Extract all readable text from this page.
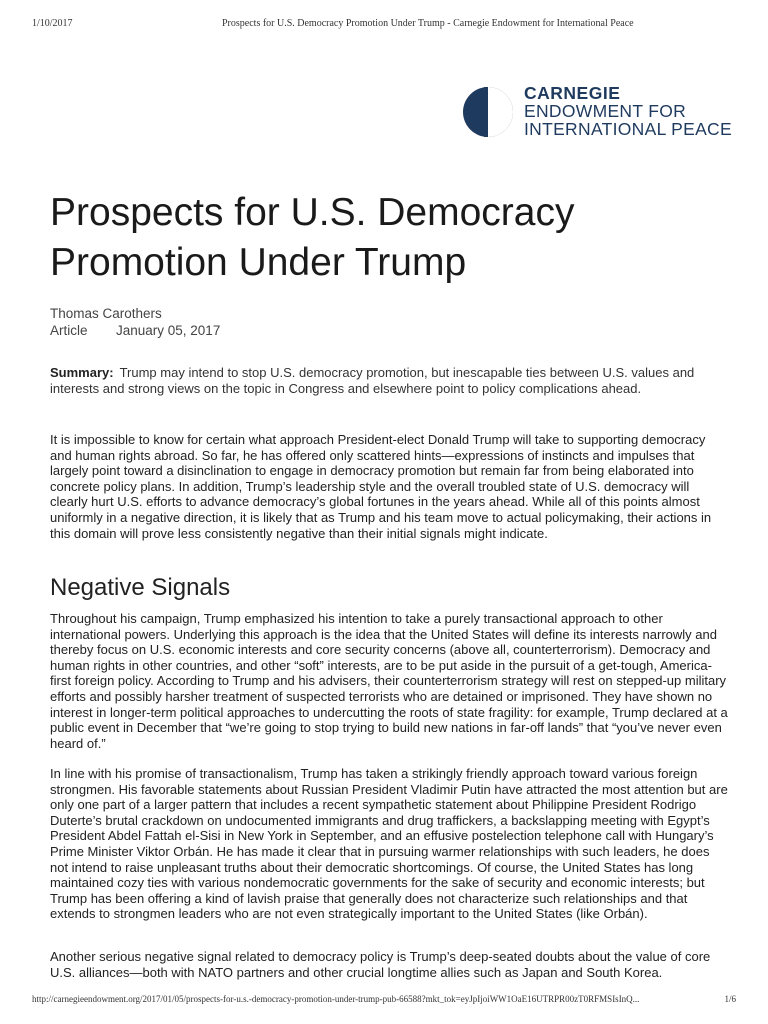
1/10/2017	Prospects for U.S. Democracy Promotion Under Trump - Carnegie Endowment for International Peace
CARNEGIE
ENDOWMENT FOR
INTERNATIONAL PEACE
Prospects for U.S. Democracy Promotion Under Trump
Thomas Carothers
Article	January 05, 2017

Summary: Trump may intend to stop U.S. democracy promotion, but inescapable ties between U.S. values and interests and strong views on the topic in Congress and elsewhere point to policy complications ahead.

It is impossible to know for certain what approach President-elect Donald Trump will take to supporting democracy and human rights abroad. So far, he has offered only scattered hints—expressions of instincts and impulses that largely point toward a disinclination to engage in democracy promotion but remain far from being elaborated into concrete policy plans. In addition, Trump’s leadership style and the overall troubled state of U.S. democracy will clearly hurt U.S. efforts to advance democracy’s global fortunes in the years ahead. While all of this points almost uniformly in a negative direction, it is likely that as Trump and his team move to actual policymaking, their actions in this domain will prove less consistently negative than their initial signals might indicate.

Negative Signals

Throughout his campaign, Trump emphasized his intention to take a purely transactional approach to other international powers. Underlying this approach is the idea that the United States will define its interests narrowly and thereby focus on U.S. economic interests and core security concerns (above all, counterterrorism). Democracy and human rights in other countries, and other “soft” interests, are to be put aside in the pursuit of a get-tough, America-first foreign policy. According to Trump and his advisers, their counterterrorism strategy will rest on stepped-up military efforts and possibly harsher treatment of suspected terrorists who are detained or imprisoned. They have shown no interest in longer-term political approaches to undercutting the roots of state fragility: for example, Trump declared at a public event in December that “we’re going to stop trying to build new nations in far-off lands” that “you’ve never even heard of.”

In line with his promise of transactionalism, Trump has taken a strikingly friendly approach toward various foreign strongmen. His favorable statements about Russian President Vladimir Putin have attracted the most attention but are only one part of a larger pattern that includes a recent sympathetic statement about Philippine President Rodrigo Duterte’s brutal crackdown on undocumented immigrants and drug traffickers, a backslapping meeting with Egypt’s President Abdel Fattah el-Sisi in New York in September, and an effusive postelection telephone call with Hungary’s Prime Minister Viktor Orbán. He has made it clear that in pursuing warmer relationships with such leaders, he does not intend to raise unpleasant truths about their democratic shortcomings. Of course, the United States has long maintained cozy ties with various nondemocratic governments for the sake of security and economic interests; but Trump has been offering a kind of lavish praise that generally does not characterize such relationships and that extends to strongmen leaders who are not even strategically important to the United States (like Orbán).

Another serious negative signal related to democracy policy is Trump’s deep-seated doubts about the value of core U.S. alliances—both with NATO partners and other crucial longtime allies such as Japan and South Korea.

http://carnegieendowment.org/2017/01/05/prospects-for-u.s.-democracy-promotion-under-trump-pub-66588?mkt_tok=eyJpIjoiWW1OaE16UTRPR00zT0RFMSIsInQ...	1/6
